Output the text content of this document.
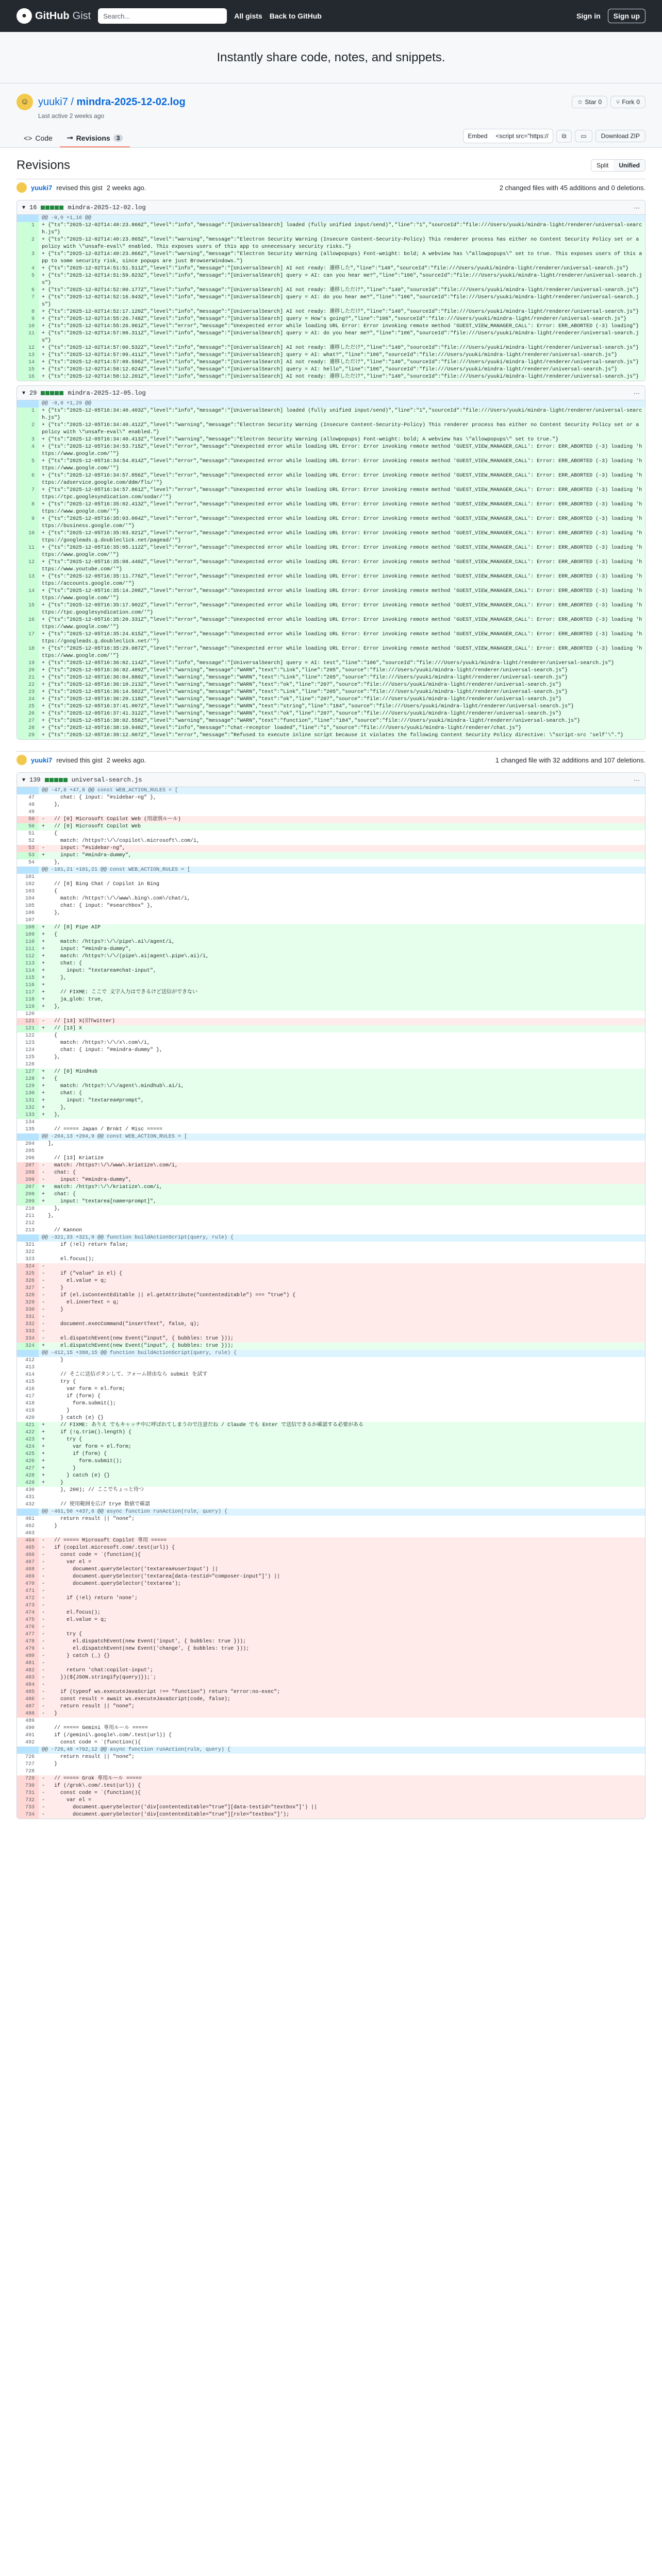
● GitHub Gist	Search...	All gists Back to GitHub	Sign in	Sign up
Instantly share code, notes, and snippets.
☺ yuuki7 / mindra-2025-12-02.log	☆ Star 0 ⑂ Fork 0
Last active 2 weeks ago
<> Code ⊸ Revisions	3	Embed	<script src="https://	⧉ ▭	Download ZIP
Revisions	Split	Unified
yuuki7 revised this gist 2 weeks ago.	2 changed files with 45 additions and 0 deletions.
▾ 16	mindra-2025-12-02.log	···
@@ -0,0 +1,16 @@
1	+ {"ts":"2025-12-02T14:40:23.860Z","level":"info","message":"[UniversalSearch] loaded (fully unified input/send)","line":"1","sourceId":"file:///Users/yuuki/mindra-light/renderer/universal-search.js"}
2	+ {"ts":"2025-12-02T14:40:23.865Z","level":"warning","message":"Electron Security Warning (Insecure Content-Security-Policy) This renderer process has either no Content Security Policy set or a policy with \"unsafe-eval\" enabled. This exposes users of this app to unnecessary security risks."}
3	+ {"ts":"2025-12-02T14:40:23.866Z","level":"warning","message":"Electron Security Warning (allowpopups) Font-weight: bold; A webview has \"allowpopups\" set to true. This exposes users of this app to some security risk, since popups are just BrowserWindows."}
4	+ {"ts":"2025-12-02T14:51:51.511Z","level":"info","message":"[UniversalSearch] AI not ready: 遷移した","line":"140","sourceId":"file:///Users/yuuki/mindra-light/renderer/universal-search.js"}
5	+ {"ts":"2025-12-02T14:51:59.823Z","level":"info","message":"[UniversalSearch] query = AI: can you hear me?","line":"106","sourceId":"file:///Users/yuuki/mindra-light/renderer/universal-search.js"}
6	+ {"ts":"2025-12-02T14:52:00.177Z","level":"info","message":"[UniversalSearch] AI not ready: 遷移しただけ","line":"140","sourceId":"file:///Users/yuuki/mindra-light/renderer/universal-search.js"}
7	+ {"ts":"2025-12-02T14:52:16.943Z","level":"info","message":"[UniversalSearch] query = AI: do you hear me?","line":"106","sourceId":"file:///Users/yuuki/mindra-light/renderer/universal-search.js"}
8	+ {"ts":"2025-12-02T14:52:17.120Z","level":"info","message":"[UniversalSearch] AI not ready: 遷移しただけ","line":"140","sourceId":"file:///Users/yuuki/mindra-light/renderer/universal-search.js"}
9	+ {"ts":"2025-12-02T14:55:26.748Z","level":"info","message":"[UniversalSearch] query = How's going?","line":"106","sourceId":"file:///Users/yuuki/mindra-light/renderer/universal-search.js"}
10	+ {"ts":"2025-12-02T14:55:26.961Z","level":"error","message":"Unexpected error while loading URL Error: Error invoking remote method 'GUEST_VIEW_MANAGER_CALL': Error: ERR_ABORTED (-3) loading"}
11	+ {"ts":"2025-12-02T14:57:00.311Z","level":"info","message":"[UniversalSearch] query = AI: do you hear me?","line":"106","sourceId":"file:///Users/yuuki/mindra-light/renderer/universal-search.js"}
12	+ {"ts":"2025-12-02T14:57:00.532Z","level":"info","message":"[UniversalSearch] AI not ready: 遷移しただけ","line":"140","sourceId":"file:///Users/yuuki/mindra-light/renderer/universal-search.js"}
13	+ {"ts":"2025-12-02T14:57:09.411Z","level":"info","message":"[UniversalSearch] query = AI: what?","line":"106","sourceId":"file:///Users/yuuki/mindra-light/renderer/universal-search.js"}
14	+ {"ts":"2025-12-02T14:57:09.596Z","level":"info","message":"[UniversalSearch] AI not ready: 遷移しただけ","line":"140","sourceId":"file:///Users/yuuki/mindra-light/renderer/universal-search.js"}
15	+ {"ts":"2025-12-02T14:58:12.024Z","level":"info","message":"[UniversalSearch] query = AI: hello","line":"106","sourceId":"file:///Users/yuuki/mindra-light/renderer/universal-search.js"}
16	+ {"ts":"2025-12-02T14:58:12.201Z","level":"info","message":"[UniversalSearch] AI not ready: 遷移しただけ","line":"140","sourceId":"file:///Users/yuuki/mindra-light/renderer/universal-search.js"}
▾ 29	mindra-2025-12-05.log	···
@@ -0,0 +1,29 @@
1	+ {"ts":"2025-12-05T16:34:40.403Z","level":"info","message":"[UniversalSearch] loaded (fully unified input/send)","line":"1","sourceId":"file:///Users/yuuki/mindra-light/renderer/universal-search.js"}
2	+ {"ts":"2025-12-05T16:34:40.412Z","level":"warning","message":"Electron Security Warning (Insecure Content-Security-Policy) This renderer process has either no Content Security Policy set or a policy with \"unsafe-eval\" enabled."}
3	+ {"ts":"2025-12-05T16:34:40.413Z","level":"warning","message":"Electron Security Warning (allowpopups) Font-weight: bold; A webview has \"allowpopups\" set to true."}
4	+ {"ts":"2025-12-05T16:34:53.715Z","level":"error","message":"Unexpected error while loading URL Error: Error invoking remote method 'GUEST_VIEW_MANAGER_CALL': Error: ERR_ABORTED (-3) loading 'https://www.google.com/'"}
5	+ {"ts":"2025-12-05T16:34:54.014Z","level":"error","message":"Unexpected error while loading URL Error: Error invoking remote method 'GUEST_VIEW_MANAGER_CALL': Error: ERR_ABORTED (-3) loading 'https://www.google.com/'"}
6	+ {"ts":"2025-12-05T16:34:57.856Z","level":"error","message":"Unexpected error while loading URL Error: Error invoking remote method 'GUEST_VIEW_MANAGER_CALL': Error: ERR_ABORTED (-3) loading 'https://adservice.google.com/ddm/fls/'"}
7	+ {"ts":"2025-12-05T16:34:57.861Z","level":"error","message":"Unexpected error while loading URL Error: Error invoking remote method 'GUEST_VIEW_MANAGER_CALL': Error: ERR_ABORTED (-3) loading 'https://tpc.googlesyndication.com/sodar/'"}
8	+ {"ts":"2025-12-05T16:35:02.413Z","level":"error","message":"Unexpected error while loading URL Error: Error invoking remote method 'GUEST_VIEW_MANAGER_CALL': Error: ERR_ABORTED (-3) loading 'https://www.google.com/'"}
9	+ {"ts":"2025-12-05T16:35:03.004Z","level":"error","message":"Unexpected error while loading URL Error: Error invoking remote method 'GUEST_VIEW_MANAGER_CALL': Error: ERR_ABORTED (-3) loading 'https://business.google.com/'"}
10	+ {"ts":"2025-12-05T16:35:03.921Z","level":"error","message":"Unexpected error while loading URL Error: Error invoking remote method 'GUEST_VIEW_MANAGER_CALL': Error: ERR_ABORTED (-3) loading 'https://googleads.g.doubleclick.net/pagead/'"}
11	+ {"ts":"2025-12-05T16:35:05.112Z","level":"error","message":"Unexpected error while loading URL Error: Error invoking remote method 'GUEST_VIEW_MANAGER_CALL': Error: ERR_ABORTED (-3) loading 'https://www.google.com/'"}
12	+ {"ts":"2025-12-05T16:35:08.440Z","level":"error","message":"Unexpected error while loading URL Error: Error invoking remote method 'GUEST_VIEW_MANAGER_CALL': Error: ERR_ABORTED (-3) loading 'https://www.youtube.com/'"}
13	+ {"ts":"2025-12-05T16:35:11.776Z","level":"error","message":"Unexpected error while loading URL Error: Error invoking remote method 'GUEST_VIEW_MANAGER_CALL': Error: ERR_ABORTED (-3) loading 'https://accounts.google.com/'"}
14	+ {"ts":"2025-12-05T16:35:14.208Z","level":"error","message":"Unexpected error while loading URL Error: Error invoking remote method 'GUEST_VIEW_MANAGER_CALL': Error: ERR_ABORTED (-3) loading 'https://www.google.com/'"}
15	+ {"ts":"2025-12-05T16:35:17.902Z","level":"error","message":"Unexpected error while loading URL Error: Error invoking remote method 'GUEST_VIEW_MANAGER_CALL': Error: ERR_ABORTED (-3) loading 'https://tpc.googlesyndication.com/'"}
16	+ {"ts":"2025-12-05T16:35:20.331Z","level":"error","message":"Unexpected error while loading URL Error: Error invoking remote method 'GUEST_VIEW_MANAGER_CALL': Error: ERR_ABORTED (-3) loading 'https://www.google.com/'"}
17	+ {"ts":"2025-12-05T16:35:24.615Z","level":"error","message":"Unexpected error while loading URL Error: Error invoking remote method 'GUEST_VIEW_MANAGER_CALL': Error: ERR_ABORTED (-3) loading 'https://googleads.g.doubleclick.net/'"}
18	+ {"ts":"2025-12-05T16:35:29.087Z","level":"error","message":"Unexpected error while loading URL Error: Error invoking remote method 'GUEST_VIEW_MANAGER_CALL': Error: ERR_ABORTED (-3) loading 'https://www.google.com/'"}
19	+ {"ts":"2025-12-05T16:36:02.114Z","level":"info","message":"[UniversalSearch] query = AI: test","line":"106","sourceId":"file:///Users/yuuki/mindra-light/renderer/universal-search.js"}
20	+ {"ts":"2025-12-05T16:36:02.409Z","level":"warning","message":"WARN","text":"Link","line":"205","source":"file:///Users/yuuki/mindra-light/renderer/universal-search.js"}
21	+ {"ts":"2025-12-05T16:36:04.880Z","level":"warning","message":"WARN","text":"Link","line":"205","source":"file:///Users/yuuki/mindra-light/renderer/universal-search.js"}
22	+ {"ts":"2025-12-05T16:36:10.213Z","level":"warning","message":"WARN","text":"ok","line":"207","source":"file:///Users/yuuki/mindra-light/renderer/universal-search.js"}
23	+ {"ts":"2025-12-05T16:36:14.502Z","level":"warning","message":"WARN","text":"Link","line":"205","source":"file:///Users/yuuki/mindra-light/renderer/universal-search.js"}
24	+ {"ts":"2025-12-05T16:36:20.118Z","level":"warning","message":"WARN","text":"ok","line":"207","source":"file:///Users/yuuki/mindra-light/renderer/universal-search.js"}
25	+ {"ts":"2025-12-05T16:37:41.007Z","level":"warning","message":"WARN","text":"string","line":"184","source":"file:///Users/yuuki/mindra-light/renderer/universal-search.js"}
26	+ {"ts":"2025-12-05T16:37:41.312Z","level":"warning","message":"WARN","text":"ok","line":"207","source":"file:///Users/yuuki/mindra-light/renderer/universal-search.js"}
27	+ {"ts":"2025-12-05T16:38:02.558Z","level":"warning","message":"WARN","text":"function","line":"184","source":"file:///Users/yuuki/mindra-light/renderer/universal-search.js"}
28	+ {"ts":"2025-12-05T16:38:10.940Z","level":"info","message":"chat-receptor loaded","line":"1","source":"file:///Users/yuuki/mindra-light/renderer/chat.js"}
29	+ {"ts":"2025-12-05T16:39:12.007Z","level":"error","message":"Refused to execute inline script because it violates the following Content Security Policy directive: \"script-src 'self'\"."}
yuuki7 revised this gist 2 weeks ago.	1 changed file with 32 additions and 107 deletions.
▾ 139	universal-search.js	···
@@ -47,8 +47,8 @@ const WEB_ACTION_RULES = [
47	chat: { input: "#sidebar-ng" },
48	},
49
50	-   // [0] Microsoft Copilot Web (用途別ルール)
50	+   // [0] Microsoft Copilot Web
51	{
52	match: /https?:\/\/copilot\.microsoft\.com/i,
53	-     input: "#sidebar-ng",
53	+     input: "#mindra-dummy",
54	},
@@ -101,21 +101,21 @@ const WEB_ACTION_RULES = [
101
102	// [0] Bing Chat / Copilot in Bing
103	{
104	match: /https?:\/\/www\.bing\.com\/chat/i,
105	chat: { input: "#searchbox" },
106	},
107
108	+   // [0] Pipe AIP
109	+   {
110	+     match: /https?:\/\/pipe\.ai\/agent/i,
111	+     input: "#mindra-dummy",
112	+     match: /https?:\/\/(pipe\.ai|agent\.pipe\.ai)/i,
113	+     chat: {
114	+       input: "textarea#chat-input",
115	+     },
116	+
117	+     // FIXME: ここで 文字入力はできるけど送信ができない
118	+     ja_glob: true,
119	+   },
120
121	-   // [13] X(旧Twitter)
121	+   // [13] X
122	{
123	match: /https?:\/\/x\.com\/i,
124	chat: { input: "#mindra-dummy" },
125	},
126
127	+   // [0] MindHub
128	+   {
129	+     match: /https?:\/\/agent\.mindhub\.ai/i,
130	+     chat: {
131	+       input: "textarea#prompt",
132	+     },
133	+   },
134
135	// ===== Japan / Brnkt / Misc =====
@@ -204,13 +204,9 @@ const WEB_ACTION_RULES = [
204	],
205
206	// [13] Kriatize
207	-   match: /https?:\/\/www\.kriatize\.com/i,
208	-   chat: {
209	-     input: "#mindra-dummy",
207	+   match: /https?:\/\/kriatize\.com/i,
208	+   chat: {
209	+     input: "textarea[name=prompt]",
210	},
211	},
212
213	// Kannon
@@ -321,33 +321,9 @@ function buildActionScript(query, rule) {
321	if (!el) return false;
322
323	el.focus();
324	-
325	-     if ("value" in el) {
326	-       el.value = q;
327	-     }
328	-     if (el.isContentEditable || el.getAttribute("contenteditable") === "true") {
329	-       el.innerText = q;
330	-     }
331	-
332	-     document.execCommand("insertText", false, q);
333	-
334	-     el.dispatchEvent(new Event("input", { bubbles: true }));
324	+     el.dispatchEvent(new Event("input", { bubbles: true }));
@@ -412,15 +388,15 @@ function buildActionScript(query, rule) {
412	}
413
414	// そこに送信ボタンして、フォーム経由なら submit を試す
415	try {
416	var form = el.form;
417	if (form) {
418	form.submit();
419	}
420	} catch (e) {}
421	+     // FIXME: ありえ でもキャッチ中に呼ばれてしまうので注意だね / Claude でも Enter で送信できるか確認する必要がある
422	+     if (!q.trim().length) {
423	+       try {
424	+         var form = el.form;
425	+         if (form) {
426	+           form.submit();
427	+         }
428	+       } catch (e) {}
429	+     }
430	}, 200); // ここでちょっと待つ
431
432	// 使用範囲を広げ trye 数値で確認
@@ -461,50 +437,6 @@ async function runAction(rule, query) {
461	return result || "none";
462	}
463
464	-   // ===== Microsoft Copilot 専用 =====
465	-   if (copilot.microsoft.com/.test(url)) {
466	-     const code = `(function(){
467	-       var el =
468	-         document.querySelector('textarea#userInput') ||
469	-         document.querySelector('textarea[data-testid="composer-input"]') ||
470	-         document.querySelector('textarea');
471	-
472	-       if (!el) return 'none';
473	-
474	-       el.focus();
475	-       el.value = q;
476	-
477	-       try {
478	-         el.dispatchEvent(new Event('input', { bubbles: true }));
479	-         el.dispatchEvent(new Event('change', { bubbles: true }));
480	-       } catch (_) {}
481	-
482	-       return 'chat:copilot-input';
483	-     })(${JSON.stringify(query)});`;
484	-
485	-     if (typeof ws.executeJavaScript !== "function") return "error:no-exec";
486	-     const result = await ws.executeJavaScript(code, false);
487	-     return result || "none";
488	-   }
489
490	// ===== Gemini 専用ルール =====
491	if (/gemini\.google\.com/.test(url)) {
492	const code = `(function(){
@@ -726,48 +702,12 @@ async function runAction(rule, query) {
726	return result || "none";
727	}
728
729	-   // ===== Grok 専用ルール =====
730	-   if (/grok\.com/.test(url)) {
731	-     const code = `(function(){
732	-       var el =
733	-         document.querySelector('div[contenteditable="true"][data-testid="textbox"]') ||
734	-         document.querySelector('div[contenteditable="true"][role="textbox"]');
